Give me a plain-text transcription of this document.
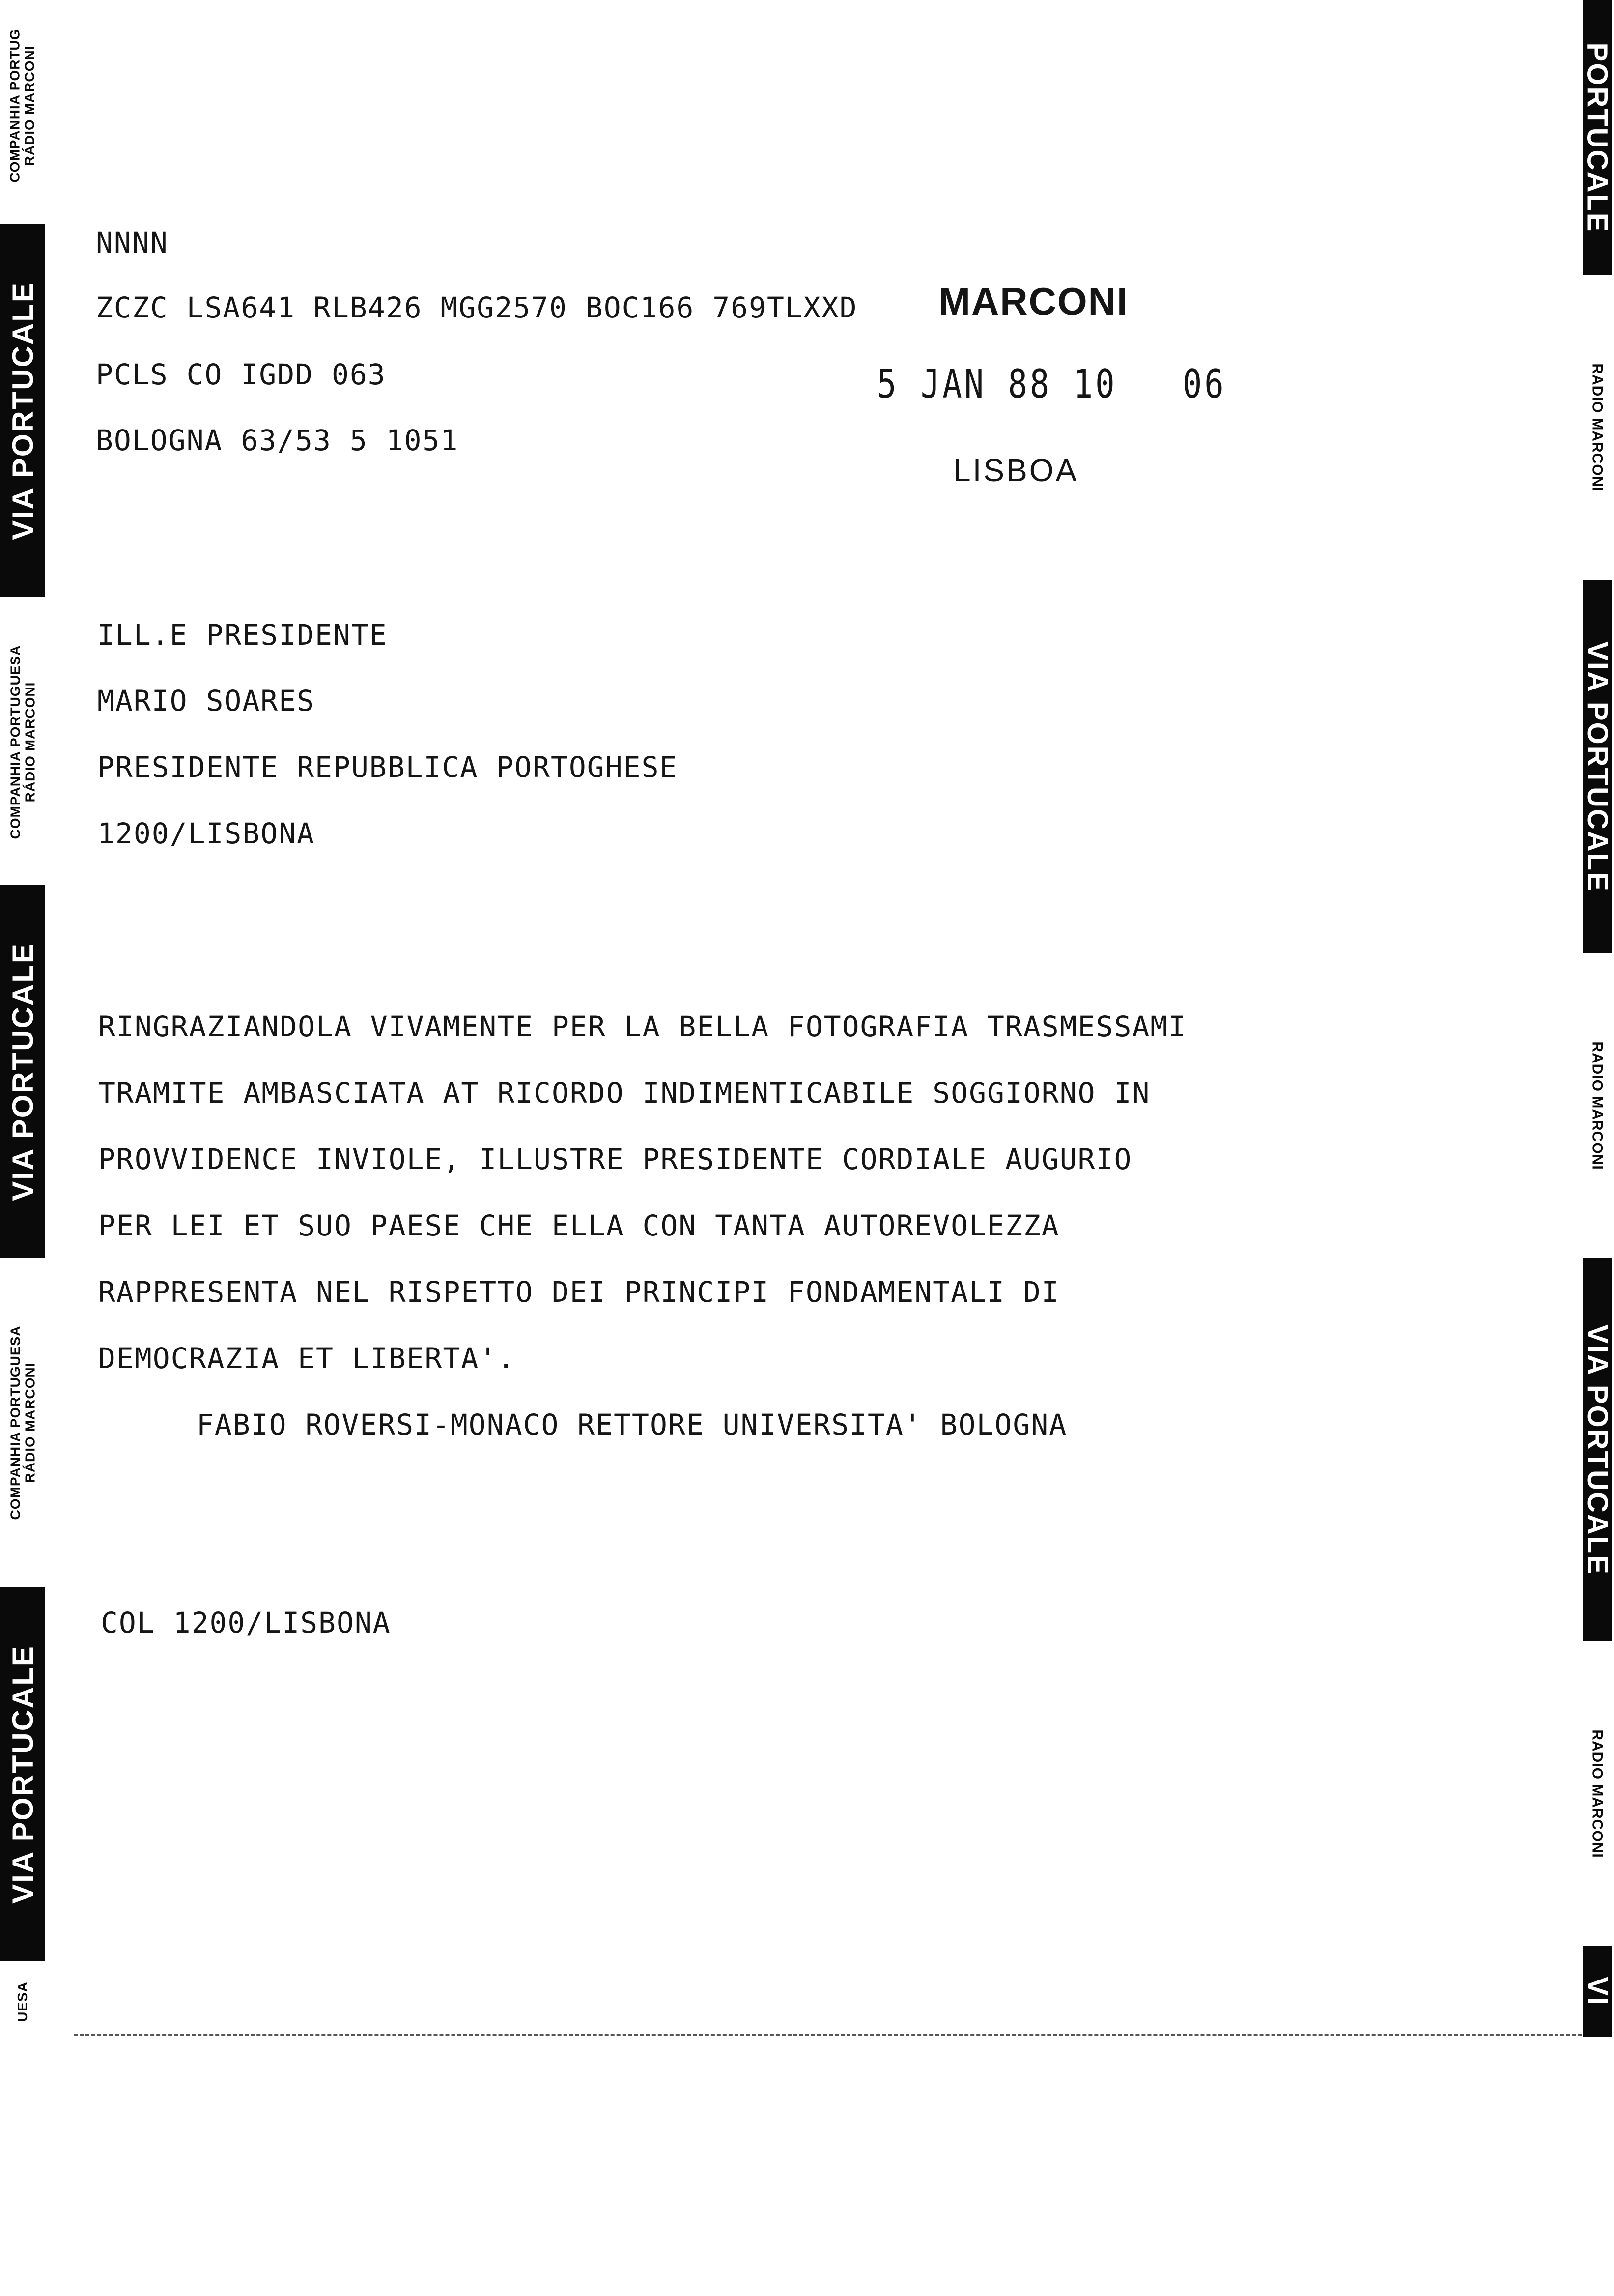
COMPANHIA PORTUG RÁDIO MARCONI
VIA PORTUCALE
COMPANHIA PORTUGUESA RÁDIO MARCONI
VIA PORTUCALE
COMPANHIA PORTUGUESA RÁDIO MARCONI
VIA PORTUCALE
UESA
PORTUCALE
RADIO MARCONI
VIA PORTUCALE
RADIO MARCONI
VIA PORTUCALE
RADIO MARCONI
VI
NNNN
ZCZC LSA641 RLB426 MGG2570 BOC166 769TLXXD MARCONI
PCLS CO IGDD 063	5 JAN 88 10   06
BOLOGNA 63/53 5 1051
LISBOA
ILL.E PRESIDENTE
MARIO SOARES
PRESIDENTE REPUBBLICA PORTOGHESE
1200/LISBONA
RINGRAZIANDOLA VIVAMENTE PER LA BELLA FOTOGRAFIA TRASMESSAMI
TRAMITE AMBASCIATA AT RICORDO INDIMENTICABILE SOGGIORNO IN
PROVVIDENCE INVIOLE, ILLUSTRE PRESIDENTE CORDIALE AUGURIO
PER LEI ET SUO PAESE CHE ELLA CON TANTA AUTOREVOLEZZA
RAPPRESENTA NEL RISPETTO DEI PRINCIPI FONDAMENTALI DI
DEMOCRAZIA ET LIBERTA'.
FABIO ROVERSI-MONACO RETTORE UNIVERSITA' BOLOGNA
COL 1200/LISBONA
